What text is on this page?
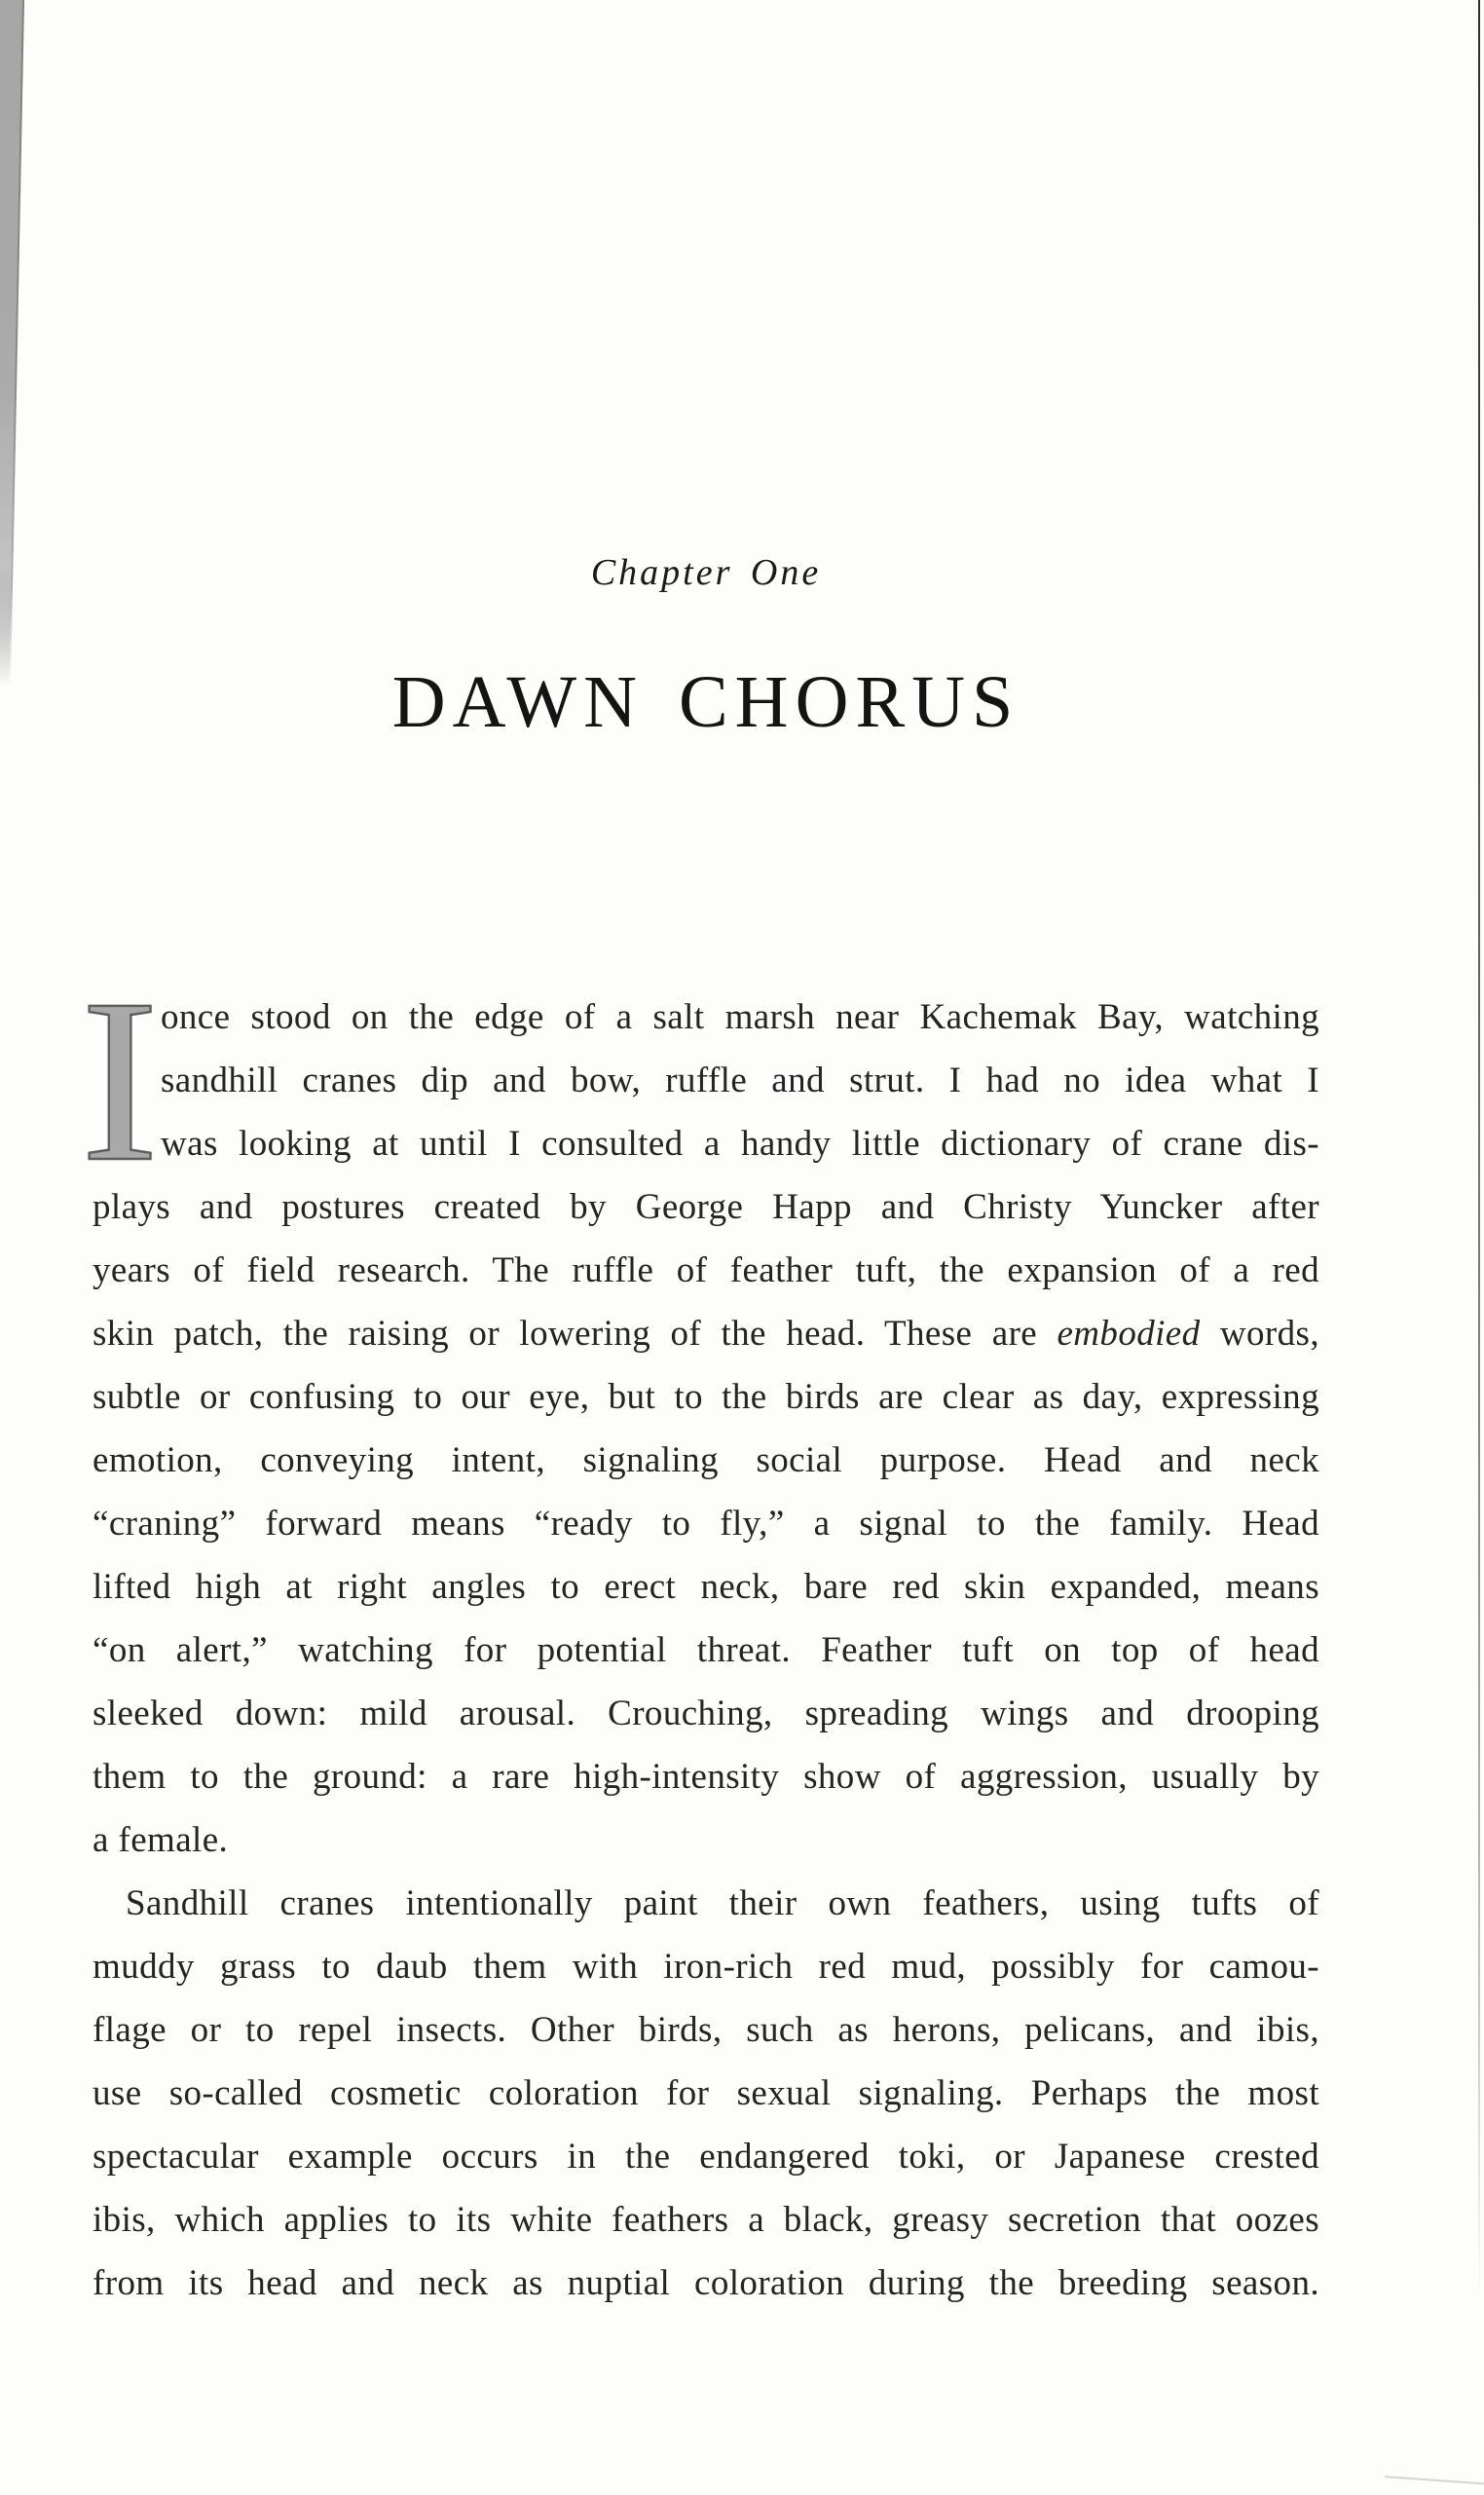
Chapter One
DAWN CHORUS
I once stood on the edge of a salt marsh near Kachemak Bay, watching
sandhill cranes dip and bow, ruffle and strut. I had no idea what I
was looking at until I consulted a handy little dictionary of crane dis-
plays and postures created by George Happ and Christy Yuncker after
years of field research. The ruffle of feather tuft, the expansion of a red
skin patch, the raising or lowering of the head. These are embodied words,
subtle or confusing to our eye, but to the birds are clear as day, expressing
emotion, conveying intent, signaling social purpose. Head and neck
“craning” forward means “ready to fly,” a signal to the family. Head
lifted high at right angles to erect neck, bare red skin expanded, means
“on alert,” watching for potential threat. Feather tuft on top of head
sleeked down: mild arousal. Crouching, spreading wings and drooping
them to the ground: a rare high-intensity show of aggression, usually by
a female.
Sandhill cranes intentionally paint their own feathers, using tufts of
muddy grass to daub them with iron-rich red mud, possibly for camou-
flage or to repel insects. Other birds, such as herons, pelicans, and ibis,
use so-called cosmetic coloration for sexual signaling. Perhaps the most
spectacular example occurs in the endangered toki, or Japanese crested
ibis, which applies to its white feathers a black, greasy secretion that oozes
from its head and neck as nuptial coloration during the breeding season.
